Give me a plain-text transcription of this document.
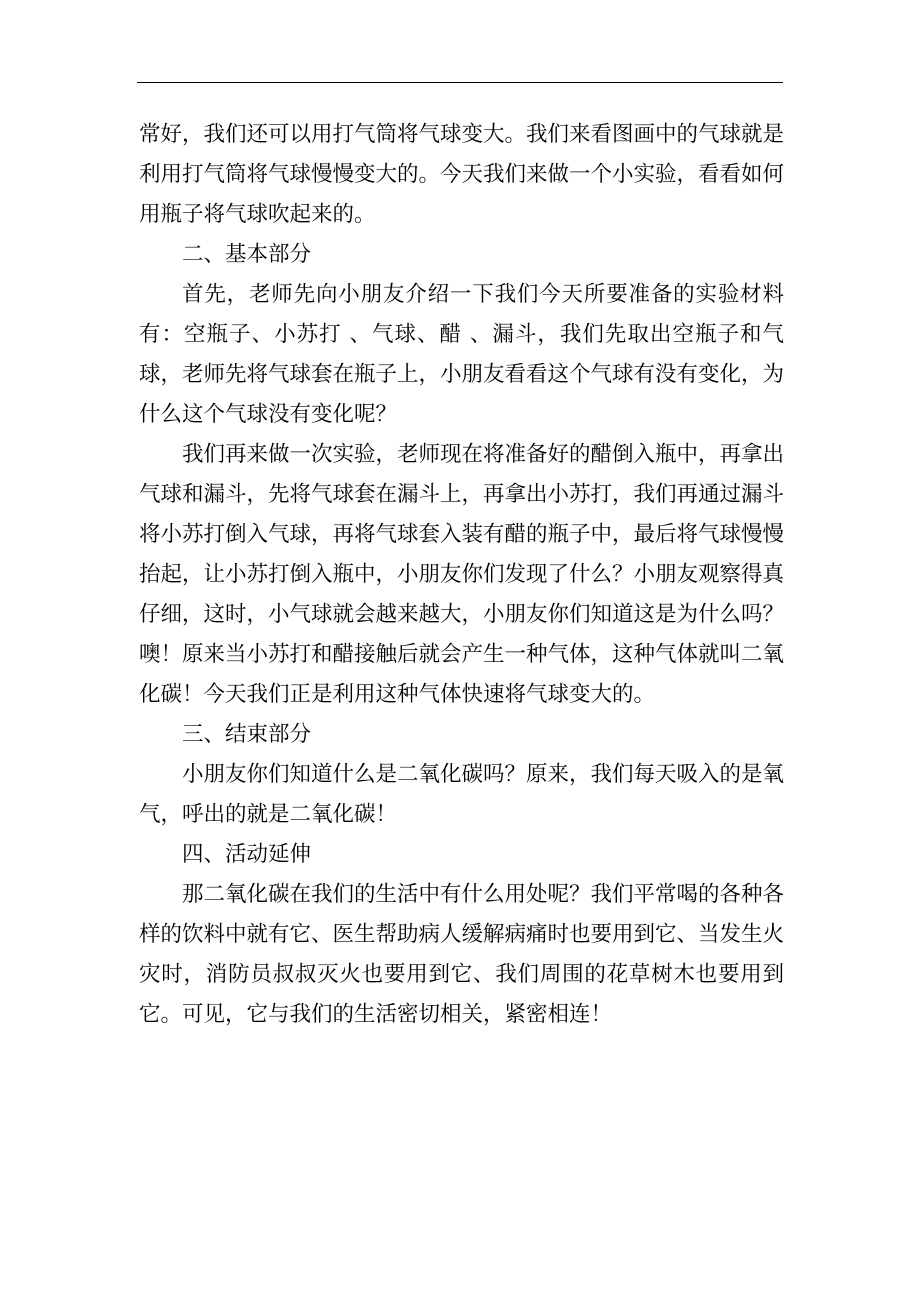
常好，我们还可以用打气筒将气球变大。我们来看图画中的气球就是利用打气筒将气球慢慢变大的。今天我们来做一个小实验，看看如何用瓶子将气球吹起来的。

二、基本部分

首先，老师先向小朋友介绍一下我们今天所要准备的实验材料有：空瓶子、小苏打 、气球、醋 、漏斗，我们先取出空瓶子和气球，老师先将气球套在瓶子上，小朋友看看这个气球有没有变化，为什么这个气球没有变化呢？

我们再来做一次实验，老师现在将准备好的醋倒入瓶中，再拿出气球和漏斗，先将气球套在漏斗上，再拿出小苏打，我们再通过漏斗将小苏打倒入气球，再将气球套入装有醋的瓶子中，最后将气球慢慢抬起，让小苏打倒入瓶中，小朋友你们发现了什么？小朋友观察得真仔细，这时，小气球就会越来越大，小朋友你们知道这是为什么吗？噢！原来当小苏打和醋接触后就会产生一种气体，这种气体就叫二氧化碳！今天我们正是利用这种气体快速将气球变大的。

三、结束部分

小朋友你们知道什么是二氧化碳吗？原来，我们每天吸入的是氧气，呼出的就是二氧化碳！

四、活动延伸

那二氧化碳在我们的生活中有什么用处呢？我们平常喝的各种各样的饮料中就有它、医生帮助病人缓解病痛时也要用到它、当发生火灾时，消防员叔叔灭火也要用到它、我们周围的花草树木也要用到它。可见，它与我们的生活密切相关，紧密相连！
